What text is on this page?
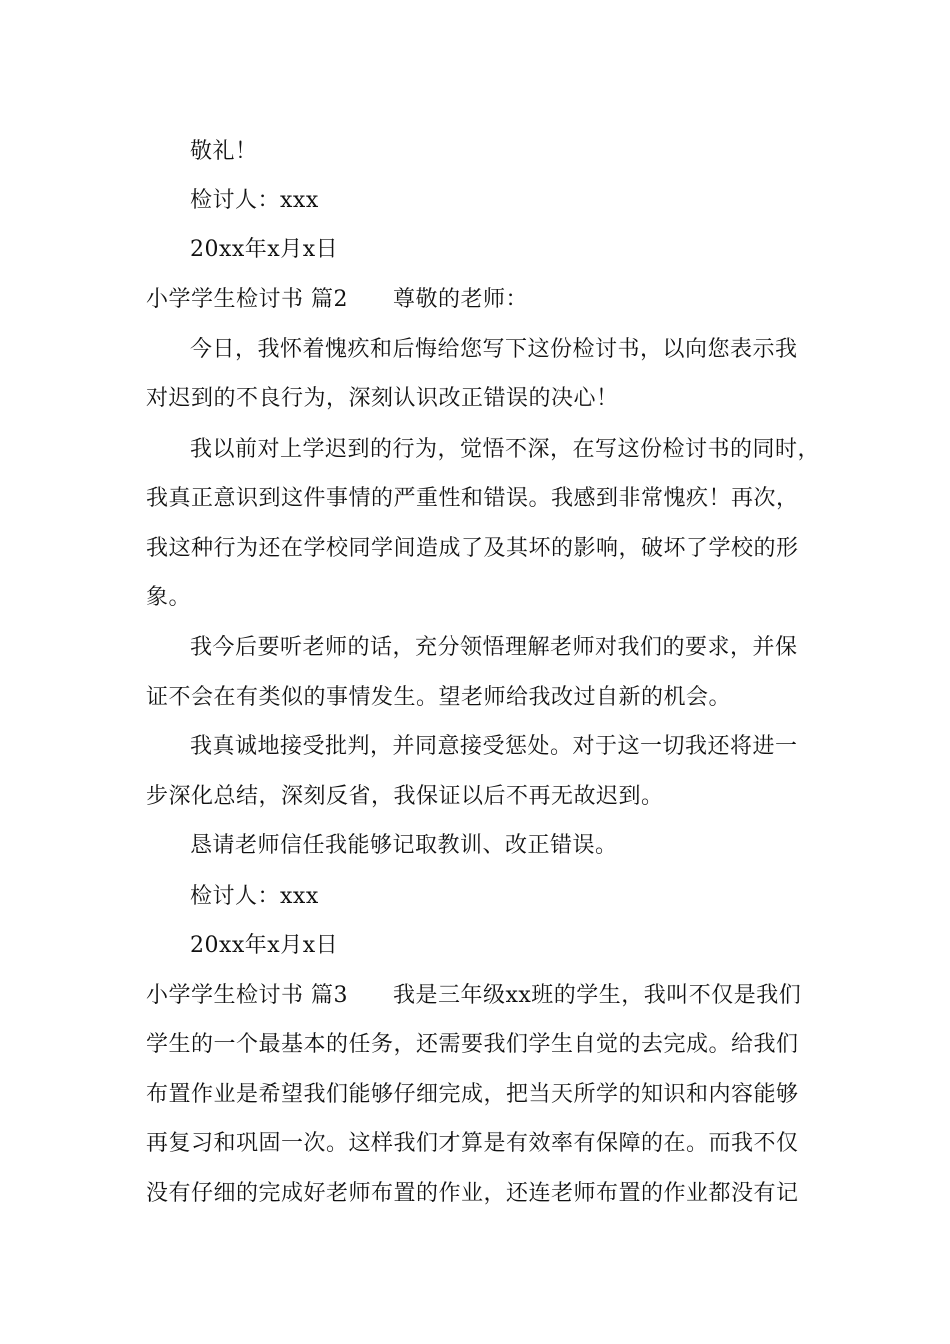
敬礼！
检讨人：xxx
20xx年x月x日
小学学生检讨书 篇2　　尊敬的老师：
今日，我怀着愧疚和后悔给您写下这份检讨书，以向您表示我
对迟到的不良行为，深刻认识改正错误的决心！
我以前对上学迟到的行为，觉悟不深，在写这份检讨书的同时，
我真正意识到这件事情的严重性和错误。我感到非常愧疚！再次，
我这种行为还在学校同学间造成了及其坏的影响，破坏了学校的形
象。
我今后要听老师的话，充分领悟理解老师对我们的要求，并保
证不会在有类似的事情发生。望老师给我改过自新的机会。
我真诚地接受批判，并同意接受惩处。对于这一切我还将进一
步深化总结，深刻反省，我保证以后不再无故迟到。
恳请老师信任我能够记取教训、改正错误。
检讨人：xxx
20xx年x月x日
小学学生检讨书 篇3　　我是三年级xx班的学生，我叫不仅是我们
学生的一个最基本的任务，还需要我们学生自觉的去完成。给我们
布置作业是希望我们能够仔细完成，把当天所学的知识和内容能够
再复习和巩固一次。这样我们才算是有效率有保障的在。而我不仅
没有仔细的完成好老师布置的作业，还连老师布置的作业都没有记
